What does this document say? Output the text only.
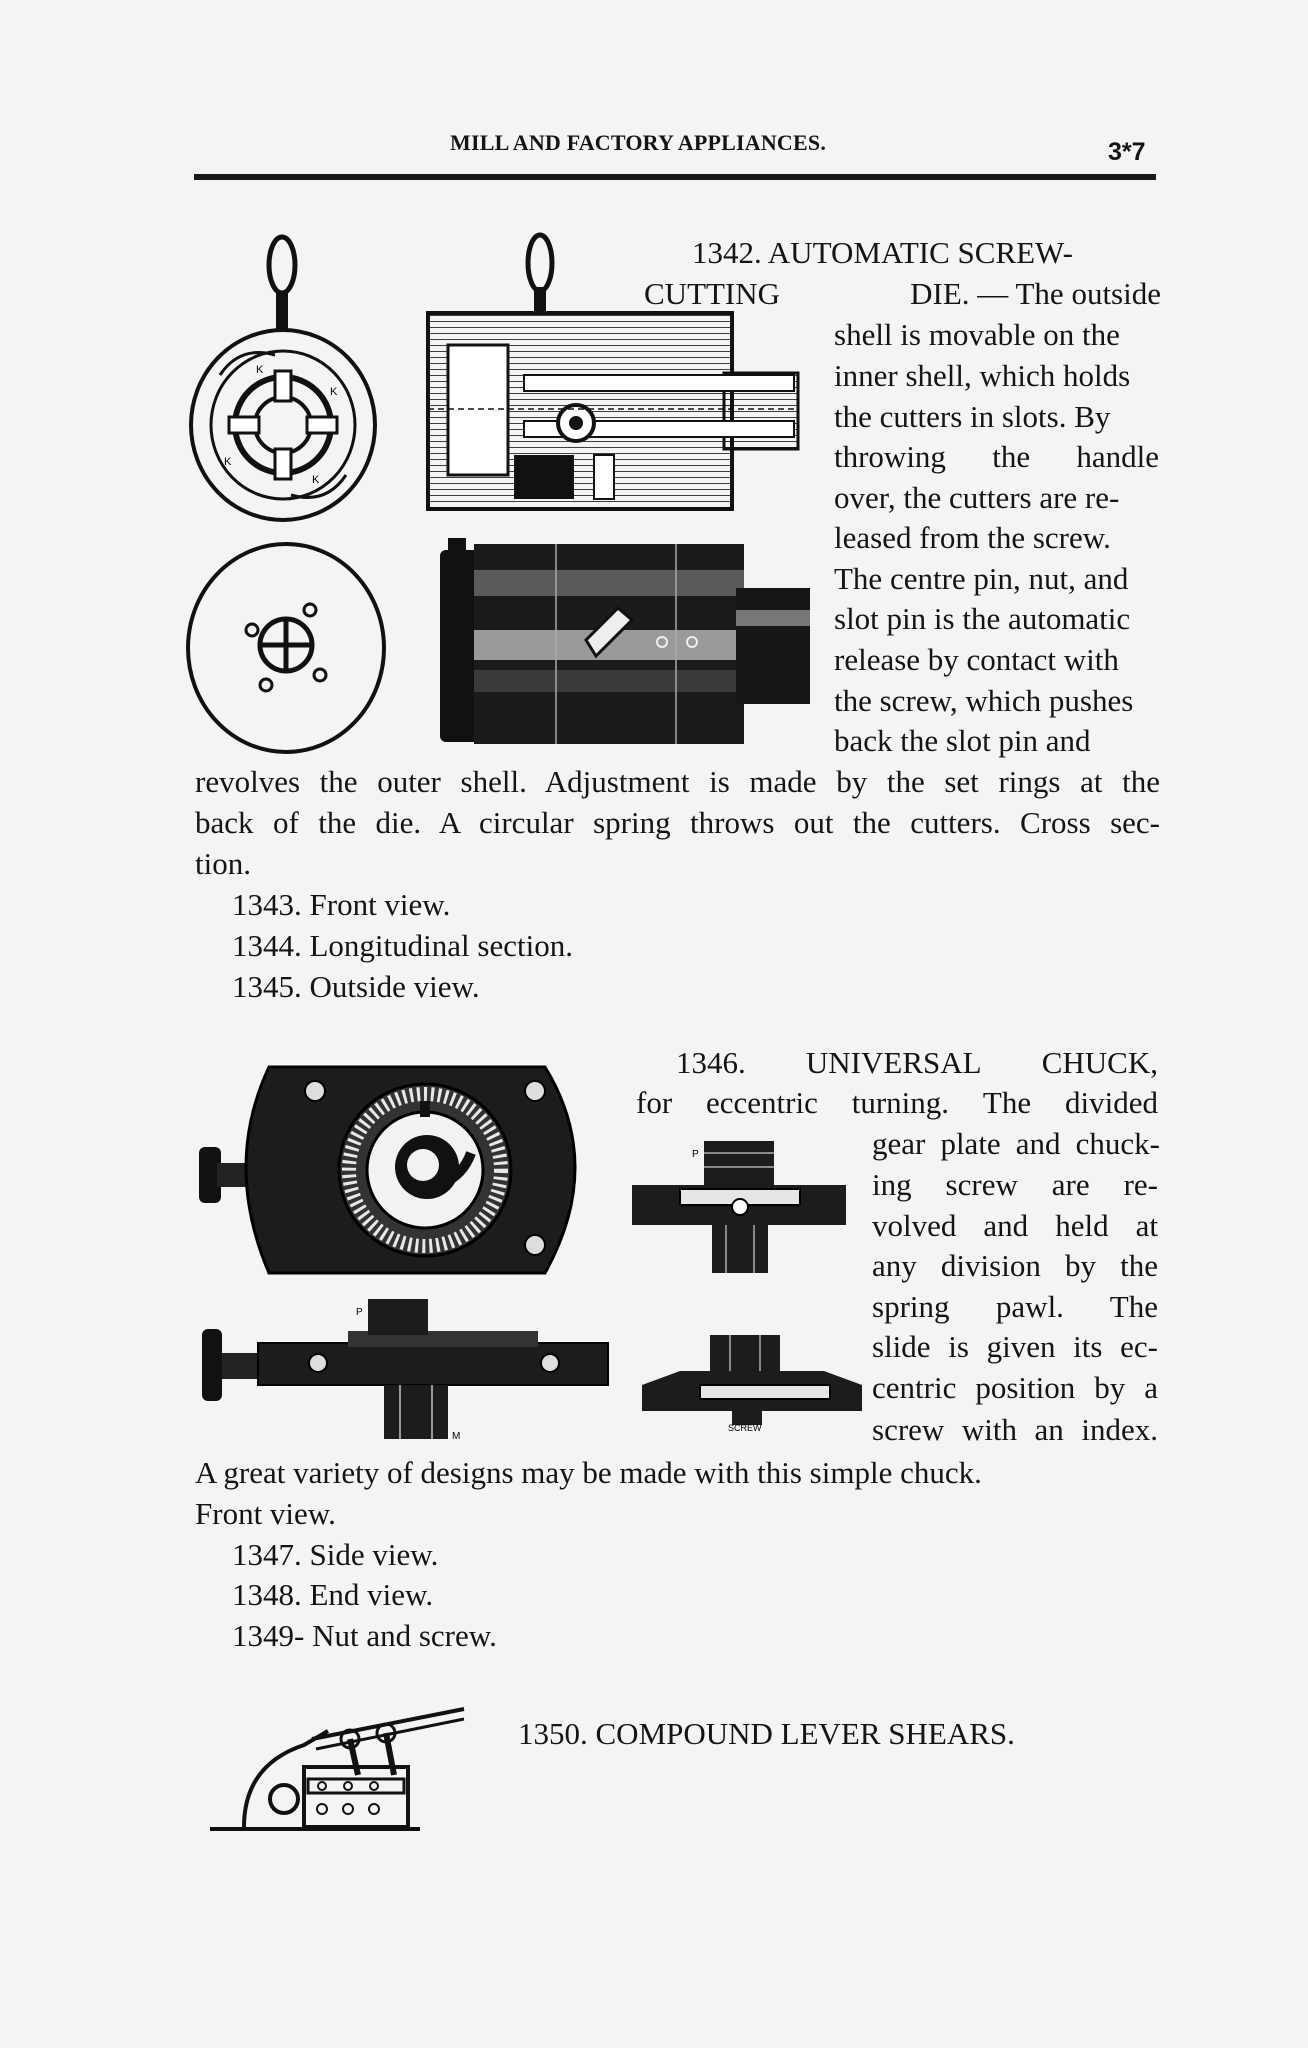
MILL AND FACTORY APPLIANCES.	3*7
K
K
K
K
1342. AUTOMATIC SCREW-
CUTTING	DIE. — The outside
shell is movable on the
inner shell, which holds
the cutters in slots. By
throwing the handle
over, the cutters are re-
leased from the screw.
The centre pin, nut, and
slot pin is the automatic
release by contact with
the screw, which pushes
back the slot pin and
revolves the outer shell. Adjustment is made by the set rings at the
back of the die. A circular spring throws out the cutters. Cross sec-
tion.
1343. Front view.
1344. Longitudinal section.
1345. Outside view.
P
P
M
SCREW
1346. UNIVERSAL CHUCK,
for eccentric turning. The divided
gear plate and chuck-
ing screw are re-
volved and held at
any division by the
spring pawl. The
slide is given its ec-
centric position by a
screw with an index.
A great variety of designs may be made with this simple chuck.
Front view.
1347. Side view.
1348. End view.
1349- Nut and screw.
1350. COMPOUND LEVER SHEARS.
